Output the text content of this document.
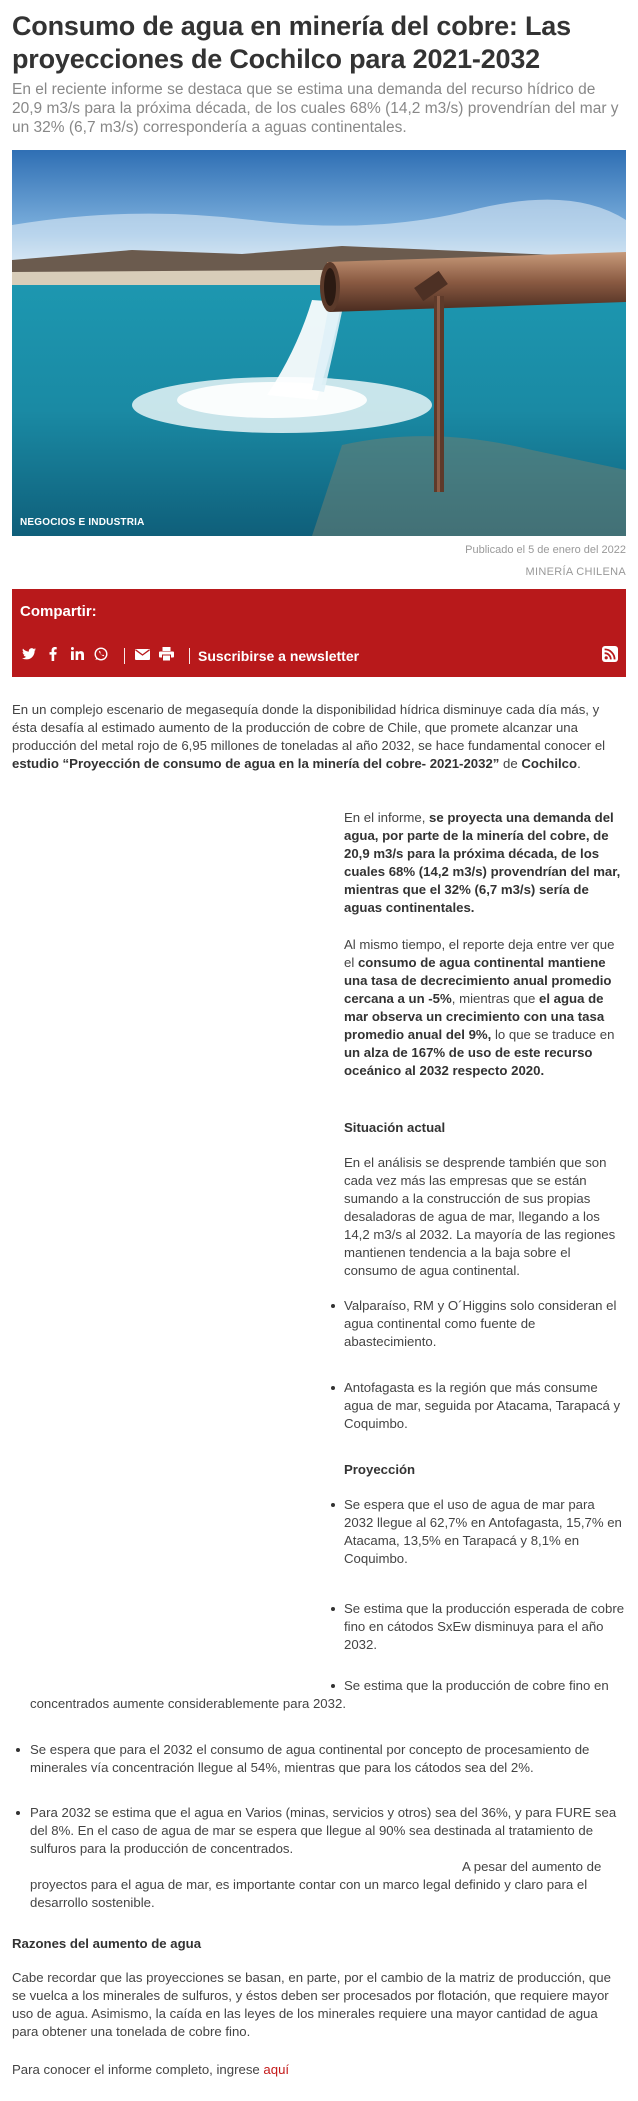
Consumo de agua en minería del cobre: Las proyecciones de Cochilco para 2021-2032
En el reciente informe se destaca que se estima una demanda del recurso hídrico de 20,9 m3/s para la próxima década, de los cuales 68% (14,2 m3/s) provendrían del mar y un 32% (6,7 m3/s) correspondería a aguas continentales.
NEGOCIOS E INDUSTRIA
Publicado el 5 de enero del 2022
MINERÍA CHILENA
Compartir:
Suscribirse a newsletter
En un complejo escenario de megasequía donde la disponibilidad hídrica disminuye cada día más, y ésta desafía al estimado aumento de la producción de cobre de Chile, que promete alcanzar una producción del metal rojo de 6,95 millones de toneladas al año 2032, se hace fundamental conocer el estudio “Proyección de consumo de agua en la minería del cobre- 2021-2032” de Cochilco.
En el informe, se proyecta una demanda del agua, por parte de la minería del cobre, de 20,9 m3/s para la próxima década, de los cuales 68% (14,2 m3/s) provendrían del mar, mientras que el 32% (6,7 m3/s) sería de aguas continentales.
Al mismo tiempo, el reporte deja entre ver que el consumo de agua continental mantiene una tasa de decrecimiento anual promedio cercana a un -5%, mientras que el agua de mar observa un crecimiento con una tasa promedio anual del 9%, lo que se traduce en un alza de 167% de uso de este recurso oceánico al 2032 respecto 2020.
Situación actual
En el análisis se desprende también que son cada vez más las empresas que se están sumando a la construcción de sus propias desaladoras de agua de mar, llegando a los 14,2 m3/s al 2032. La mayoría de las regiones mantienen tendencia a la baja sobre el consumo de agua continental.
Valparaíso, RM y O´Higgins solo consideran el agua continental como fuente de abastecimiento.
Antofagasta es la región que más consume agua de mar, seguida por Atacama, Tarapacá y Coquimbo.
Proyección
Se espera que el uso de agua de mar para 2032 llegue al 62,7% en Antofagasta, 15,7% en Atacama, 13,5% en Tarapacá y 8,1% en Coquimbo.
Se estima que la producción esperada de cobre fino en cátodos SxEw disminuya para el año 2032.
Se estima que la producción de cobre fino en concentrados aumente considerablemente para 2032.
Se espera que para el 2032 el consumo de agua continental por concepto de procesamiento de minerales vía concentración llegue al 54%, mientras que para los cátodos sea del 2%.
Para 2032 se estima que el agua en Varios (minas, servicios y otros) sea del 36%, y para FURE sea del 8%. En el caso de agua de mar se espera que llegue al 90% sea destinada al tratamiento de sulfuros para la producción de concentrados.
A pesar del aumento de proyectos para el agua de mar, es importante contar con un marco legal definido y claro para el desarrollo sostenible.
Razones del aumento de agua
Cabe recordar que las proyecciones se basan, en parte, por el cambio de la matriz de producción, que se vuelca a los minerales de sulfuros, y éstos deben ser procesados por flotación, que requiere mayor uso de agua. Asimismo, la caída en las leyes de los minerales requiere una mayor cantidad de agua para obtener una tonelada de cobre fino.
Para conocer el informe completo, ingrese aquí
